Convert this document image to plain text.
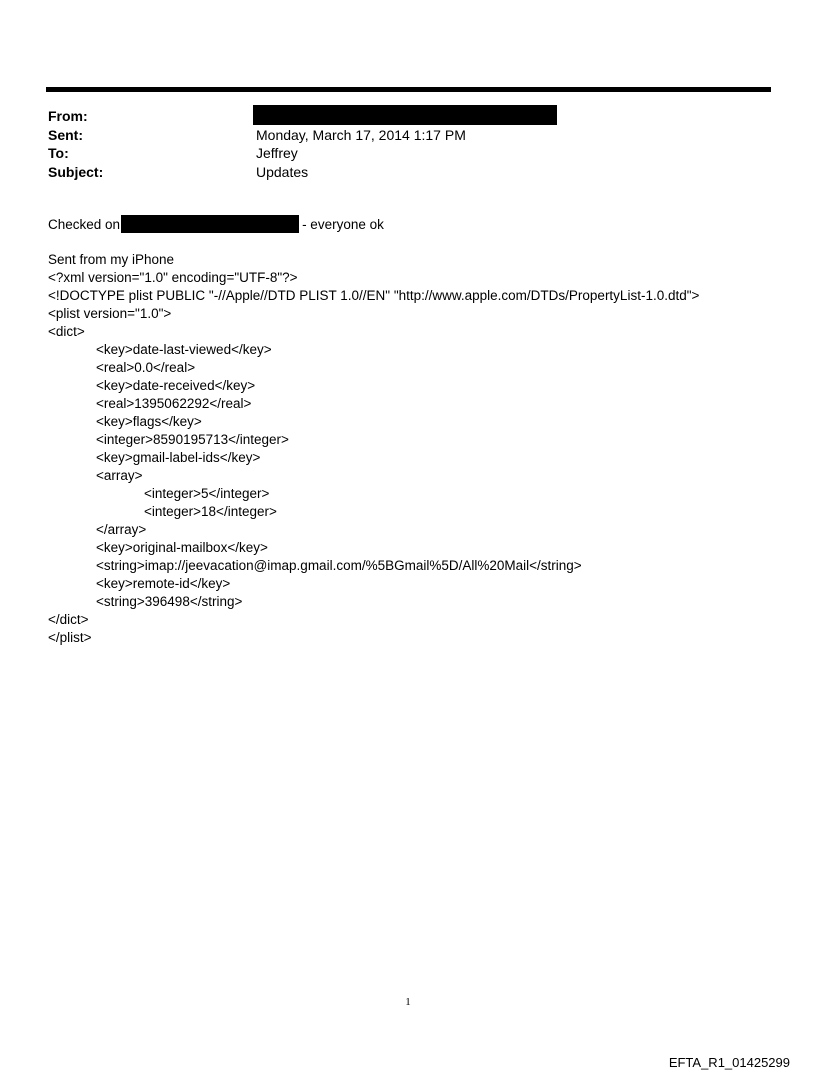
From:
Sent:	Monday, March 17, 2014 1:17 PM
To:	Jeffrey
Subject:	Updates
Checked on	- everyone ok
Sent from my iPhone
<?xml version="1.0" encoding="UTF-8"?>
<!DOCTYPE plist PUBLIC "-//Apple//DTD PLIST 1.0//EN" "http://www.apple.com/DTDs/PropertyList-1.0.dtd">
<plist version="1.0">
<dict>
<key>date-last-viewed</key>
<real>0.0</real>
<key>date-received</key>
<real>1395062292</real>
<key>flags</key>
<integer>8590195713</integer>
<key>gmail-label-ids</key>
<array>
<integer>5</integer>
<integer>18</integer>
</array>
<key>original-mailbox</key>
<string>imap://jeevacation@imap.gmail.com/%5BGmail%5D/All%20Mail</string>
<key>remote-id</key>
<string>396498</string>
</dict>
</plist>
1
EFTA_R1_01425299
